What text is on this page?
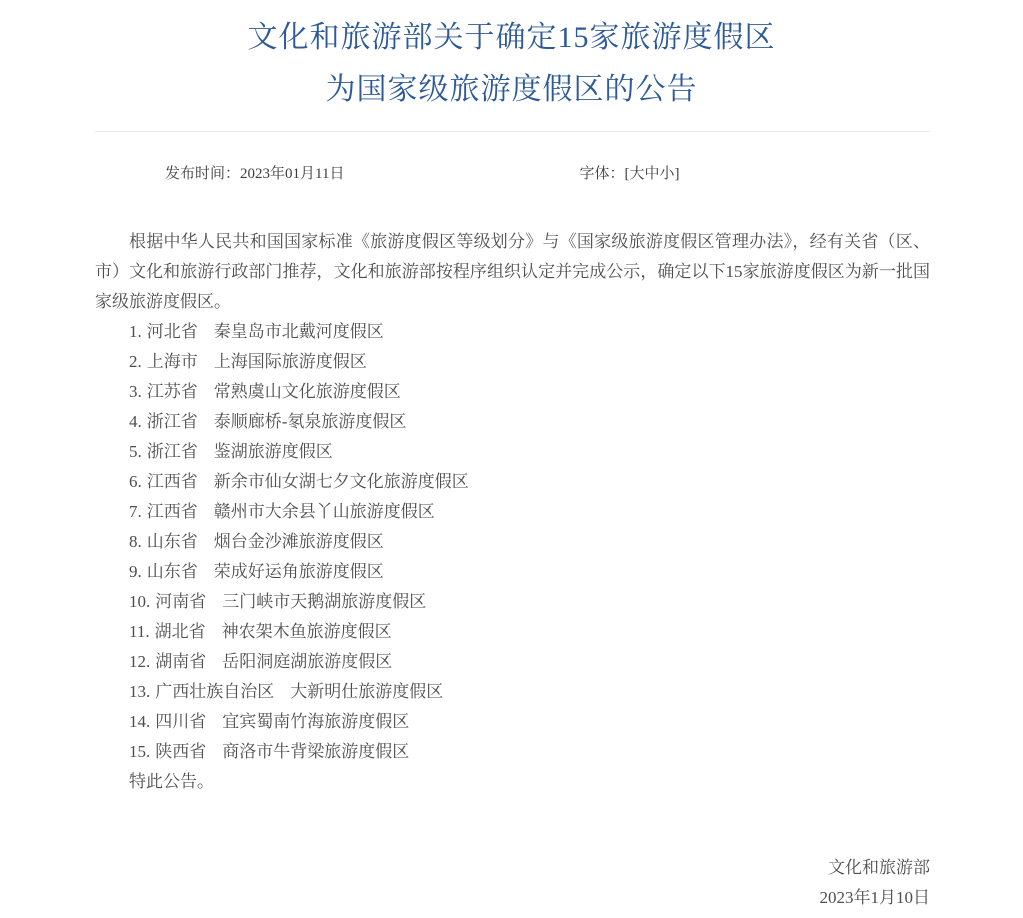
文化和旅游部关于确定15家旅游度假区
为国家级旅游度假区的公告
发布时间：2023年01月11日	字体：[大中小]

根据中华人民共和国国家标准《旅游度假区等级划分》与《国家级旅游度假区管理办法》，经有关省（区、市）文化和旅游行政部门推荐，文化和旅游部按程序组织认定并完成公示，确定以下15家旅游度假区为新一批国家级旅游度假区。

1. 河北省 秦皇岛市北戴河度假区
2. 上海市 上海国际旅游度假区
3. 江苏省 常熟虞山文化旅游度假区
4. 浙江省 泰顺廊桥-氡泉旅游度假区
5. 浙江省 鉴湖旅游度假区
6. 江西省 新余市仙女湖七夕文化旅游度假区
7. 江西省 赣州市大余县丫山旅游度假区
8. 山东省 烟台金沙滩旅游度假区
9. 山东省 荣成好运角旅游度假区
10. 河南省 三门峡市天鹅湖旅游度假区
11. 湖北省 神农架木鱼旅游度假区
12. 湖南省 岳阳洞庭湖旅游度假区
13. 广西壮族自治区 大新明仕旅游度假区
14. 四川省 宜宾蜀南竹海旅游度假区
15. 陕西省 商洛市牛背梁旅游度假区

特此公告。

文化和旅游部
2023年1月10日
